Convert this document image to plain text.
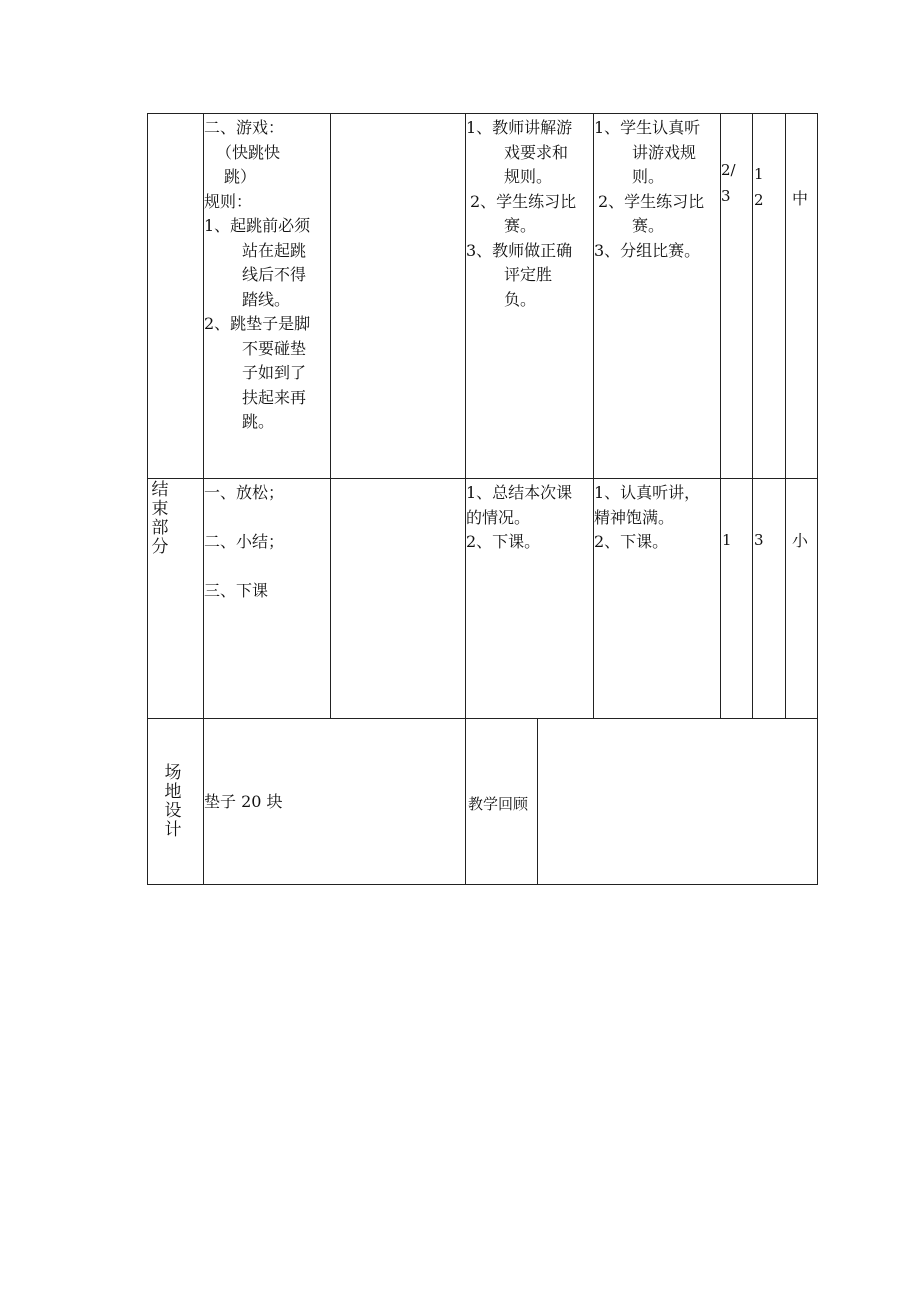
二、游戏：
（快跳快
跳）
规则：
1、起跳前必须
站在起跳
线后不得
踏线。
2、跳垫子是脚
不要碰垫
子如到了
扶起来再
跳。
1、教师讲解游
戏要求和
规则。
2、学生练习比
赛。
3、教师做正确
评定胜
负。
1、学生认真听
讲游戏规
则。
2、学生练习比
赛。
3、分组比赛。
2/
3
1
2 中
结
束
部
分
一、放松；
二、小结；
三、下课
1、总结本次课
的情况。
2、下课。
1、认真听讲，
精神饱满。
2、下课。	1 3 小
场
地
设
计
垫子 20 块	教学回顾
